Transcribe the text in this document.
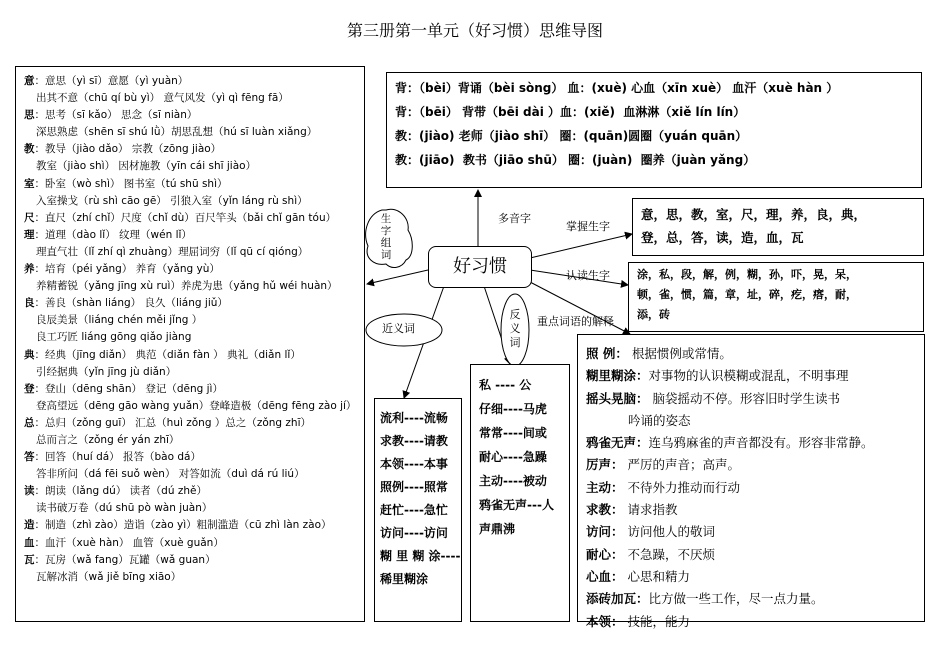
第三册第一单元（好习惯）思维导图
意：意思（yì sī）意愿（yì yuàn）
出其不意（chū qí bù yì） 意气风发（yì qì fēng fā）
思：思考（sī kǎo） 思念（sī niàn）
深思熟虑（shēn sī shú lǜ）胡思乱想（hú sī luàn xiǎng）
教：教导（jiào dǎo） 宗教（zōng jiào）
教室（jiào shì） 因材施教（yīn cái shī jiào）
室：卧室（wò shì） 图书室（tú shū shì）
入室操戈（rù shì cāo gē） 引狼入室（yǐn láng rù shì）
尺：直尺（zhí chǐ）尺度（chǐ dù）百尺竿头（bǎi chǐ gān tóu）
理：道理（dào lǐ） 纹理（wén lǐ）
理直气壮（lǐ zhí qì zhuàng）理屈词穷（lǐ qū cí qióng）
养：培育（péi yǎng） 养育（yǎng yù）
养精蓄锐（yǎng jīng xù ruì）养虎为患（yǎng hǔ wéi huàn）
良：善良（shàn liáng） 良久（liáng jiǔ）
良辰美景（liáng chén měi jǐng ）
良工巧匠 liáng gōng qiǎo jiàng
典：经典（jīng diǎn） 典范（diǎn fàn ） 典礼（diǎn lǐ）
引经据典（yǐn jīng jù diǎn）
登：登山（dēng shān） 登记（dēng jì）
登高望远（dēng gāo wàng yuǎn）登峰造极（dēng fēng zào jí）
总：总归（zǒng guī） 汇总（huì zǒng ）总之（zǒng zhī）
总而言之（zǒng ér yán zhī）
答：回答（huí dá） 报答（bào dá）
答非所问（dá fēi suǒ wèn） 对答如流（duì dá rú liú）
读：朗读（lǎng dú） 读者（dú zhě）
读书破万卷（dú shū pò wàn juàn）
造：制造（zhì zào）造诣（zào yì）粗制滥造（cū zhì làn zào）
血：血汗（xuè hàn） 血管（xuè guǎn）
瓦：瓦房（wǎ fang）瓦罐（wǎ guan）
瓦解冰消（wǎ jiě bīng xiāo）
背：（bèi）背诵（bèi sòng） 血：(xuè) 心血（xīn xuè） 血汗（xuè hàn ）
背：（bēi） 背带（bēi dài ）血：(xiě)  血淋淋（xiě lín lín）
教：(jiào) 老师（jiào shī） 圈：(quān)圆圈（yuán quān）
教：(jiāo)  教书（jiāo shū） 圈：(juàn)  圈养（juàn yǎng）
意，思，教，室，尺，理，养，良，典，
登，总，答，读，造，血，瓦
涂，私，段，解，例，糊，孙，吓，晃，呆，
顿，雀，惯，篇，章，址，碎，疙，瘩，耐，
添，砖
流利----流畅
求教----请教
本领----本事
照例----照常
赶忙----急忙
访问----访问
糊 里 糊 涂----
稀里糊涂
私 ---- 公
仔细----马虎
常常----间或
耐心----急躁
主动----被动
鸦雀无声---人
声鼎沸
照 例： 根据惯例或常情。
糊里糊涂：对事物的认识模糊或混乱，不明事理
摇头晃脑： 脑袋摇动不停。形容旧时学生读书
吟诵的姿态
鸦雀无声：连乌鸦麻雀的声音都没有。形容非常静。
厉声： 严厉的声音；高声。
主动： 不待外力推动而行动
求教： 请求指教
访问： 访问他人的敬词
耐心： 不急躁，不厌烦
心血： 心思和精力
添砖加瓦：比方做一些工作，尽一点力量。
本领： 技能，能力
好习惯
多音字
掌握生字
认读生字
重点词语的解释
生字组词
近义词
反义词
